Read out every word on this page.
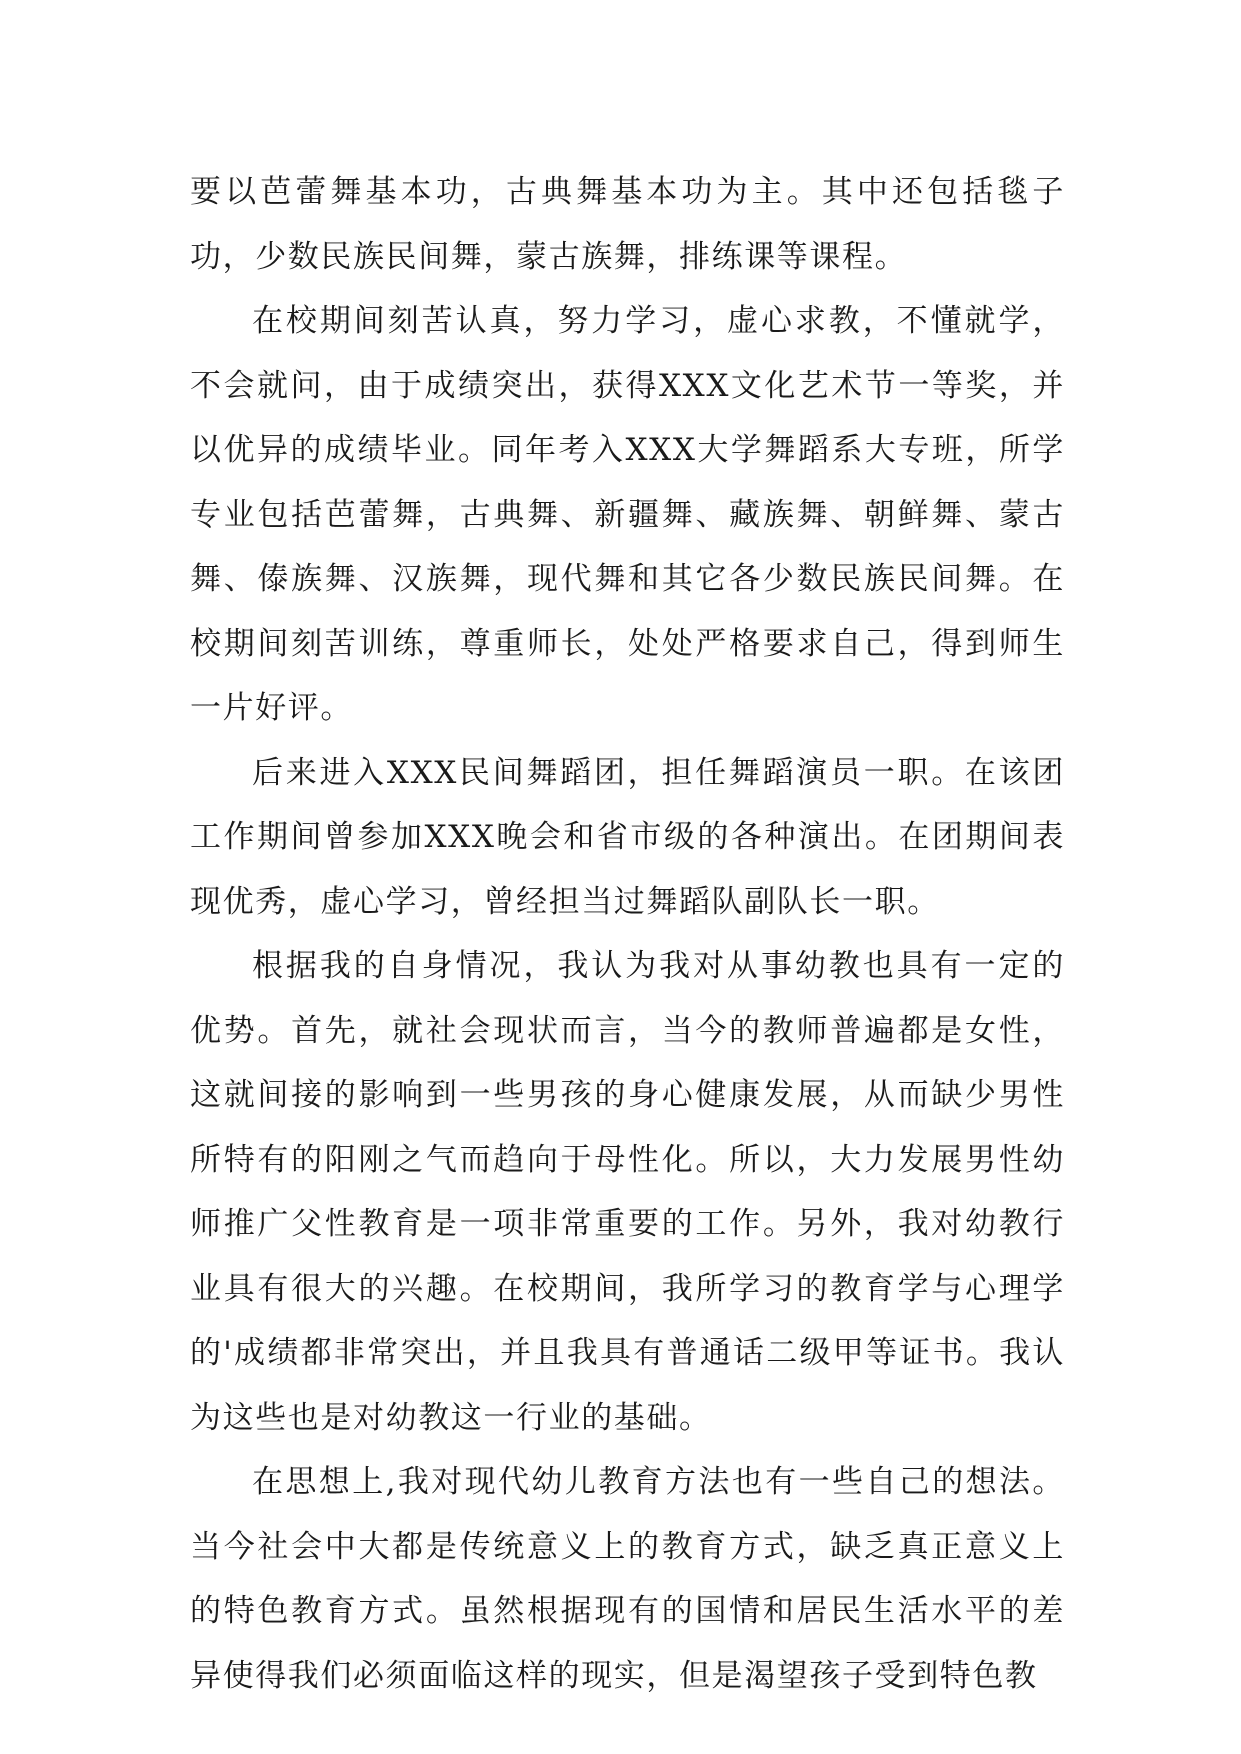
要以芭蕾舞基本功，古典舞基本功为主。其中还包括毯子功，少数民族民间舞，蒙古族舞，排练课等课程。

在校期间刻苦认真，努力学习，虚心求教，不懂就学，不会就问，由于成绩突出，获得XXX文化艺术节一等奖，并以优异的成绩毕业。同年考入XXX大学舞蹈系大专班，所学专业包括芭蕾舞，古典舞、新疆舞、藏族舞、朝鲜舞、蒙古舞、傣族舞、汉族舞，现代舞和其它各少数民族民间舞。在校期间刻苦训练，尊重师长，处处严格要求自己，得到师生一片好评。

后来进入XXX民间舞蹈团，担任舞蹈演员一职。在该团工作期间曾参加XXX晚会和省市级的各种演出。在团期间表现优秀，虚心学习，曾经担当过舞蹈队副队长一职。

根据我的自身情况，我认为我对从事幼教也具有一定的优势。首先，就社会现状而言，当今的教师普遍都是女性，这就间接的影响到一些男孩的身心健康发展，从而缺少男性所特有的阳刚之气而趋向于母性化。所以，大力发展男性幼师推广父性教育是一项非常重要的工作。另外，我对幼教行业具有很大的兴趣。在校期间，我所学习的教育学与心理学的'成绩都非常突出，并且我具有普通话二级甲等证书。我认为这些也是对幼教这一行业的基础。

在思想上,我对现代幼儿教育方法也有一些自己的想法。当今社会中大都是传统意义上的教育方式，缺乏真正意义上的特色教育方式。虽然根据现有的国情和居民生活水平的差异使得我们必须面临这样的现实，但是渴望孩子受到特色教
